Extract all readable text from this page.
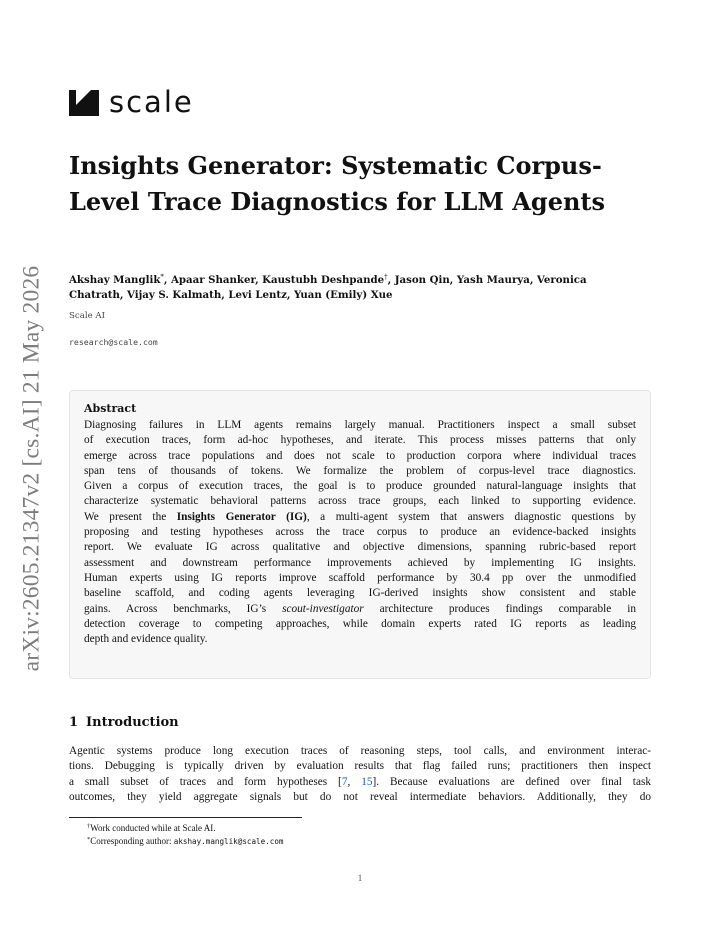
arXiv:2605.21347v2 [cs.AI] 21 May 2026
scale
Insights Generator: Systematic Corpus-Level Trace Diagnostics for LLM Agents
Akshay Manglik*, Apaar Shanker, Kaustubh Deshpande†, Jason Qin, Yash Maurya, Veronica
Chatrath, Vijay S. Kalmath, Levi Lentz, Yuan (Emily) Xue
Scale AI
research@scale.com
Abstract
Diagnosing failures in LLM agents remains largely manual. Practitioners inspect a small subset
of execution traces, form ad-hoc hypotheses, and iterate. This process misses patterns that only
emerge across trace populations and does not scale to production corpora where individual traces
span tens of thousands of tokens. We formalize the problem of corpus-level trace diagnostics.
Given a corpus of execution traces, the goal is to produce grounded natural-language insights that
characterize systematic behavioral patterns across trace groups, each linked to supporting evidence.
We present the Insights Generator (IG), a multi-agent system that answers diagnostic questions by
proposing and testing hypotheses across the trace corpus to produce an evidence-backed insights
report. We evaluate IG across qualitative and objective dimensions, spanning rubric-based report
assessment and downstream performance improvements achieved by implementing IG insights.
Human experts using IG reports improve scaffold performance by 30.4 pp over the unmodified
baseline scaffold, and coding agents leveraging IG-derived insights show consistent and stable
gains. Across benchmarks, IG’s scout-investigator architecture produces findings comparable in
detection coverage to competing approaches, while domain experts rated IG reports as leading
depth and evidence quality.
1 Introduction
Agentic systems produce long execution traces of reasoning steps, tool calls, and environment interac-
tions. Debugging is typically driven by evaluation results that flag failed runs; practitioners then inspect
a small subset of traces and form hypotheses [7, 15]. Because evaluations are defined over final task
outcomes, they yield aggregate signals but do not reveal intermediate behaviors. Additionally, they do
†Work conducted while at Scale AI.
*Corresponding author: akshay.manglik@scale.com
1
